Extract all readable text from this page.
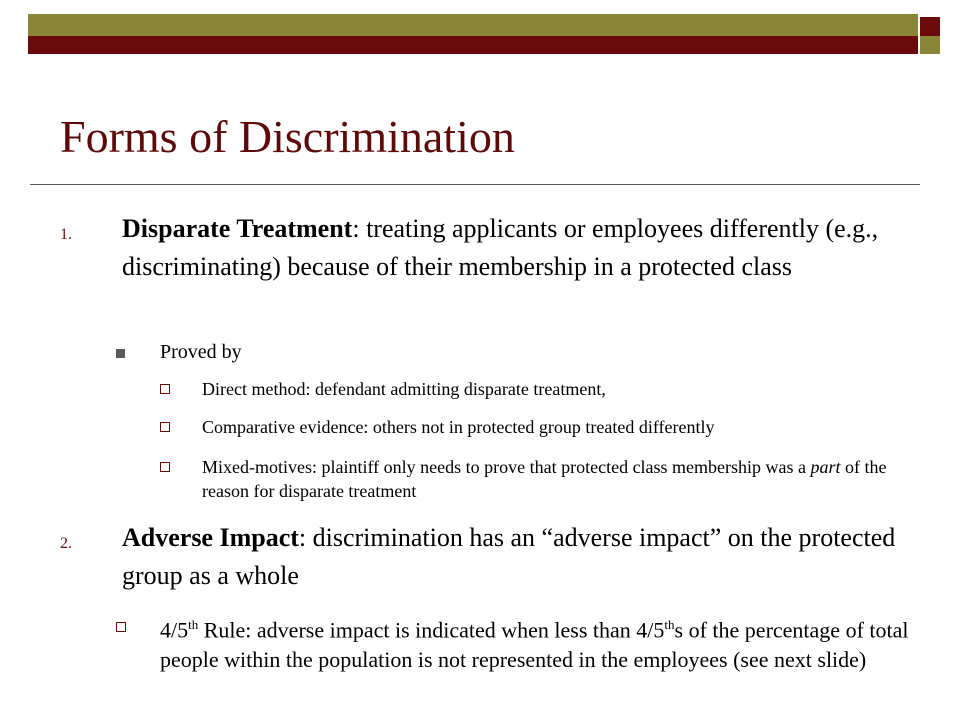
Forms of Discrimination
1. Disparate Treatment: treating applicants or employees differently (e.g., discriminating) because of their membership in a protected class
Proved by
Direct method: defendant admitting disparate treatment,
Comparative evidence: others not in protected group treated differently
Mixed-motives: plaintiff only needs to prove that protected class membership was a part of the reason for disparate treatment
2. Adverse Impact: discrimination has an “adverse impact” on the protected group as a whole
4/5th Rule: adverse impact is indicated when less than 4/5ths of the percentage of total people within the population is not represented in the employees (see next slide)
